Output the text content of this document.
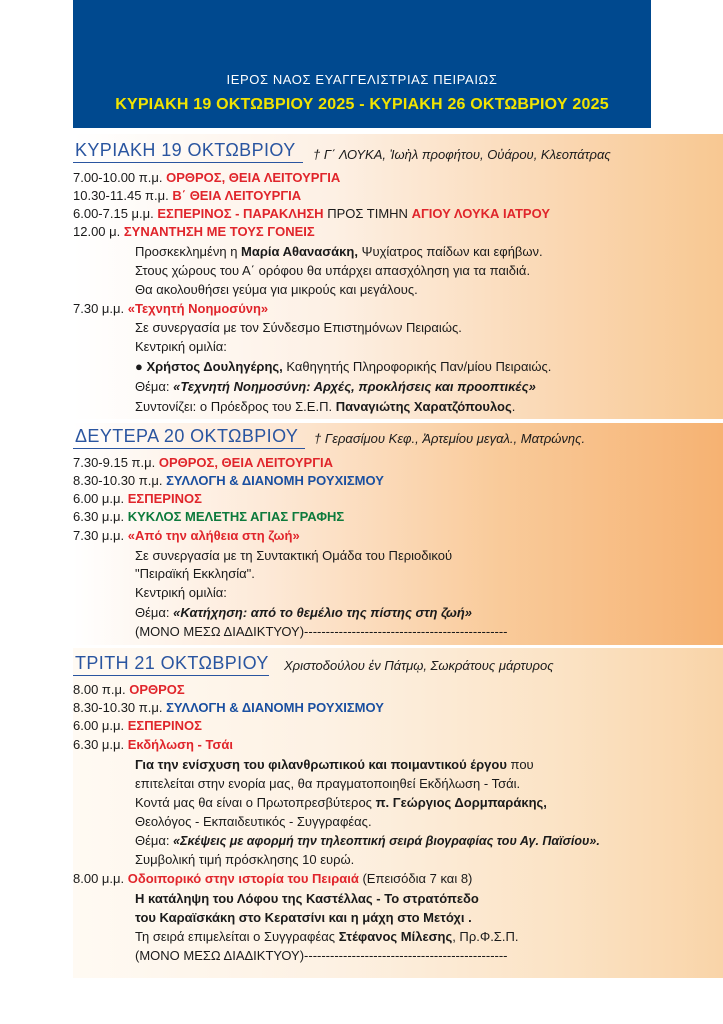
ΙΕΡΟΣ ΝΑΟΣ ΕΥΑΓΓΕΛΙΣΤΡΙΑΣ ΠΕΙΡΑΙΩΣ
ΚΥΡΙΑΚΗ 19 ΟΚΤΩΒΡΙΟΥ 2025 - ΚΥΡΙΑΚΗ 26 ΟΚΤΩΒΡΙΟΥ 2025
ΚΥΡΙΑΚΗ 19 ΟΚΤΩΒΡΙΟΥ † Γ΄ ΛΟΥΚΑ, Ἰωὴλ προφήτου, Οὐάρου, Κλεοπάτρας
7.00-10.00 π.μ. ΟΡΘΡΟΣ, ΘΕΙΑ ΛΕΙΤΟΥΡΓΙΑ
10.30-11.45 π.μ. Β΄ ΘΕΙΑ ΛΕΙΤΟΥΡΓΙΑ
6.00-7.15 μ.μ. ΕΣΠΕΡΙΝΟΣ - ΠΑΡΑΚΛΗΣΗ ΠΡΟΣ ΤΙΜΗΝ ΑΓΙΟΥ ΛΟΥΚΑ ΙΑΤΡΟΥ
12.00 μ. ΣΥΝΑΝΤΗΣΗ ΜΕ ΤΟΥΣ ΓΟΝΕΙΣ
Προσκεκλημένη η Μαρία Αθανασάκη, Ψυχίατρος παίδων και εφήβων.
Στους χώρους του Α΄ ορόφου θα υπάρχει απασχόληση για τα παιδιά.
Θα ακολουθήσει γεύμα για μικρούς και μεγάλους.
7.30 μ.μ. «Τεχνητή Νοημοσύνη»
Σε συνεργασία με τον Σύνδεσμο Επιστημόνων Πειραιώς.
Κεντρική ομιλία:
● Χρήστος Δουληγέρης, Καθηγητής Πληροφορικής Παν/μίου Πειραιώς.
Θέμα: «Τεχνητή Νοημοσύνη: Αρχές, προκλήσεις και προοπτικές»
Συντονίζει: ο Πρόεδρος του Σ.Ε.Π. Παναγιώτης Χαρατζόπουλος.
ΔΕΥΤΕΡΑ 20 ΟΚΤΩΒΡΙΟΥ † Γερασίμου Κεφ., Ἀρτεμίου μεγαλ., Ματρώνης.
7.30-9.15 π.μ. ΟΡΘΡΟΣ, ΘΕΙΑ ΛΕΙΤΟΥΡΓΙΑ
8.30-10.30 π.μ. ΣΥΛΛΟΓΗ & ΔΙΑΝΟΜΗ ΡΟΥΧΙΣΜΟΥ
6.00 μ.μ. ΕΣΠΕΡΙΝΟΣ
6.30 μ.μ. ΚΥΚΛΟΣ ΜΕΛΕΤΗΣ ΑΓΙΑΣ ΓΡΑΦΗΣ
7.30 μ.μ. «Από την αλήθεια στη ζωή»
Σε συνεργασία με τη Συντακτική Ομάδα του Περιοδικού
"Πειραϊκή Εκκλησία".
Κεντρική ομιλία:
Θέμα: «Κατήχηση: από το θεμέλιο της πίστης στη ζωή»
(ΜΟΝΟ ΜΕΣΩ ΔΙΑΔΙΚΤΥΟΥ)-----------------------------------------------
ΤΡΙΤΗ 21 ΟΚΤΩΒΡΙΟΥ Χριστοδούλου ἐν Πάτμῳ, Σωκράτους μάρτυρος
8.00 π.μ. ΟΡΘΡΟΣ
8.30-10.30 π.μ. ΣΥΛΛΟΓΗ & ΔΙΑΝΟΜΗ ΡΟΥΧΙΣΜΟΥ
6.00 μ.μ. ΕΣΠΕΡΙΝΟΣ
6.30 μ.μ. Εκδήλωση - Τσάι
Για την ενίσχυση του φιλανθρωπικού και ποιμαντικού έργου που
επιτελείται στην ενορία μας, θα πραγματοποιηθεί Εκδήλωση - Τσάι.
Κοντά μας θα είναι ο Πρωτοπρεσβύτερος π. Γεώργιος Δορμπαράκης,
Θεολόγος - Εκπαιδευτικός - Συγγραφέας.
Θέμα: «Σκέψεις με αφορμή την τηλεοπτική σειρά βιογραφίας του Αγ. Παϊσίου».
Συμβολική τιμή πρόσκλησης 10 ευρώ.
8.00 μ.μ. Οδοιπορικό στην ιστορία του Πειραιά (Επεισόδια 7 και 8)
Η κατάληψη του Λόφου της Καστέλλας - Το στρατόπεδο
του Καραϊσκάκη στο Κερατσίνι και η μάχη στο Μετόχι .
Τη σειρά επιμελείται ο Συγγραφέας Στέφανος Μίλεσης, Πρ.Φ.Σ.Π.
(ΜΟΝΟ ΜΕΣΩ ΔΙΑΔΙΚΤΥΟΥ)-----------------------------------------------
